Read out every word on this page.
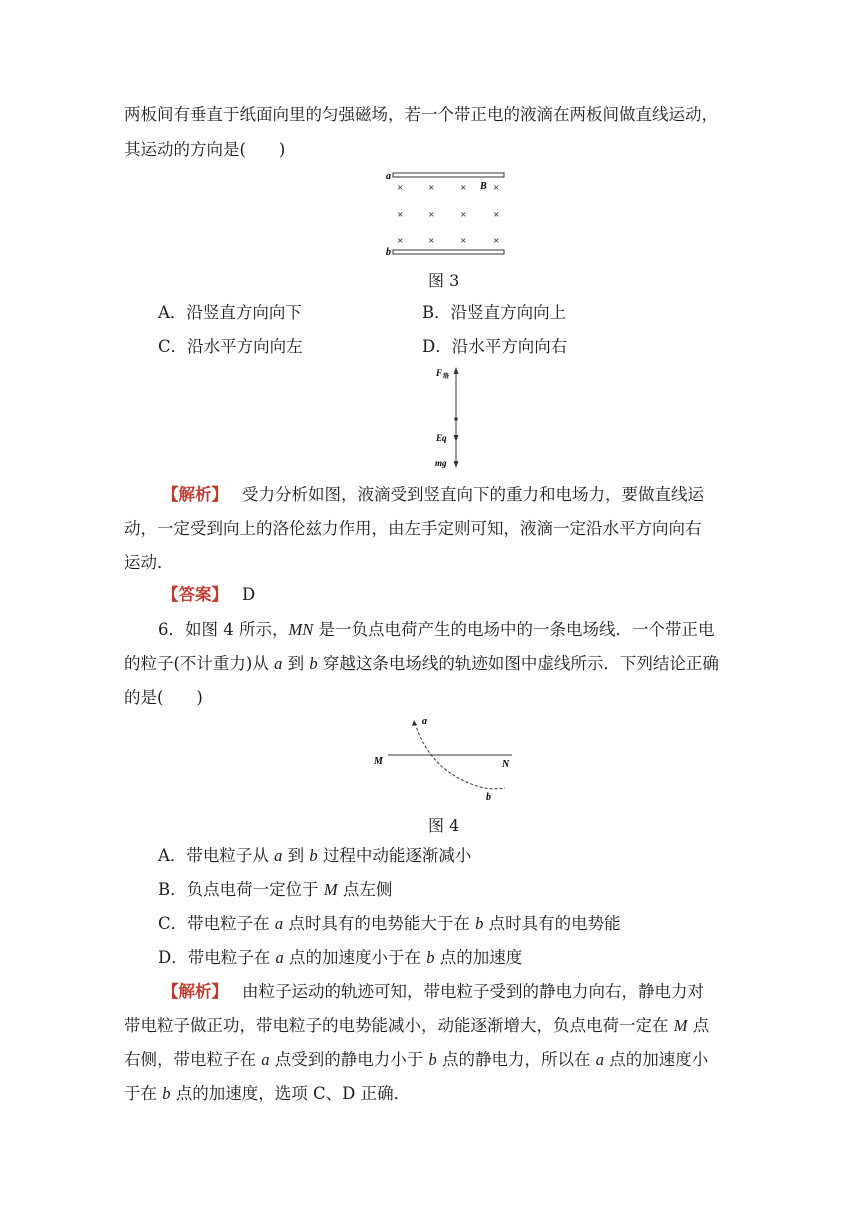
两板间有垂直于纸面向里的匀强磁场，若一个带正电的液滴在两板间做直线运动，
其运动的方向是(　　)
a
b
B
× × × ×
× × × ×
× × × ×
图 3
A．沿竖直方向向下	B．沿竖直方向向上
C．沿水平方向向左	D．沿水平方向向右
F 洛
Eq
mg
【解析】 受力分析如图，液滴受到竖直向下的重力和电场力，要做直线运
动，一定受到向上的洛伦兹力作用，由左手定则可知，液滴一定沿水平方向向右
运动．
【答案】 D
6．如图 4 所示，MN 是一负点电荷产生的电场中的一条电场线．一个带正电
的粒子(不计重力)从 a 到 b 穿越这条电场线的轨迹如图中虚线所示．下列结论正确
的是(　　)
a
b
M	N
图 4
A．带电粒子从 a 到 b 过程中动能逐渐减小
B．负点电荷一定位于 M 点左侧
C．带电粒子在 a 点时具有的电势能大于在 b 点时具有的电势能
D．带电粒子在 a 点的加速度小于在 b 点的加速度
【解析】 由粒子运动的轨迹可知，带电粒子受到的静电力向右，静电力对
带电粒子做正功，带电粒子的电势能减小，动能逐渐增大，负点电荷一定在 M 点
右侧，带电粒子在 a 点受到的静电力小于 b 点的静电力，所以在 a 点的加速度小
于在 b 点的加速度，选项 C、D 正确．
